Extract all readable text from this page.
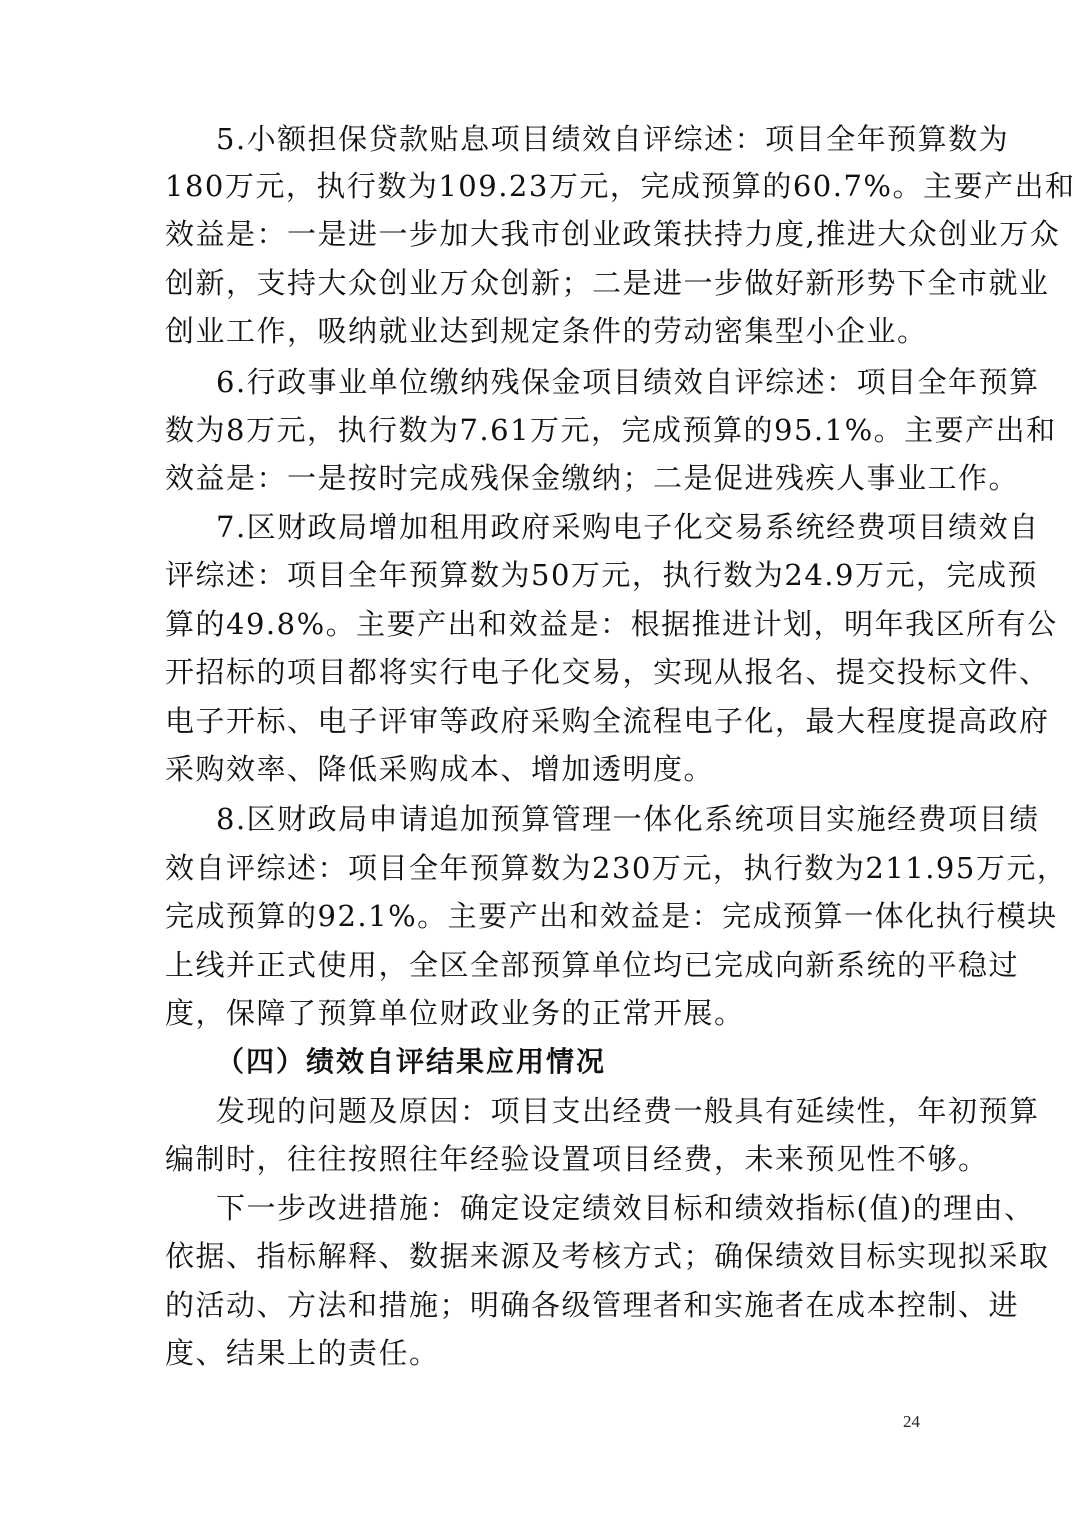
5.小额担保贷款贴息项目绩效自评综述：项目全年预算数为
180万元，执行数为109.23万元，完成预算的60.7%。主要产出和
效益是：一是进一步加大我市创业政策扶持力度,推进大众创业万众
创新，支持大众创业万众创新；二是进一步做好新形势下全市就业
创业工作，吸纳就业达到规定条件的劳动密集型小企业。
6.行政事业单位缴纳残保金项目绩效自评综述：项目全年预算
数为8万元，执行数为7.61万元，完成预算的95.1%。主要产出和
效益是：一是按时完成残保金缴纳；二是促进残疾人事业工作。
7.区财政局增加租用政府采购电子化交易系统经费项目绩效自
评综述：项目全年预算数为50万元，执行数为24.9万元，完成预
算的49.8%。主要产出和效益是：根据推进计划，明年我区所有公
开招标的项目都将实行电子化交易，实现从报名、提交投标文件、
电子开标、电子评审等政府采购全流程电子化，最大程度提高政府
采购效率、降低采购成本、增加透明度。
8.区财政局申请追加预算管理一体化系统项目实施经费项目绩
效自评综述：项目全年预算数为230万元，执行数为211.95万元，
完成预算的92.1%。主要产出和效益是：完成预算一体化执行模块
上线并正式使用，全区全部预算单位均已完成向新系统的平稳过
度，保障了预算单位财政业务的正常开展。
（四）绩效自评结果应用情况
发现的问题及原因：项目支出经费一般具有延续性，年初预算
编制时，往往按照往年经验设置项目经费，未来预见性不够。
下一步改进措施：确定设定绩效目标和绩效指标(值)的理由、
依据、指标解释、数据来源及考核方式；确保绩效目标实现拟采取
的活动、方法和措施；明确各级管理者和实施者在成本控制、进
度、结果上的责任。
24
